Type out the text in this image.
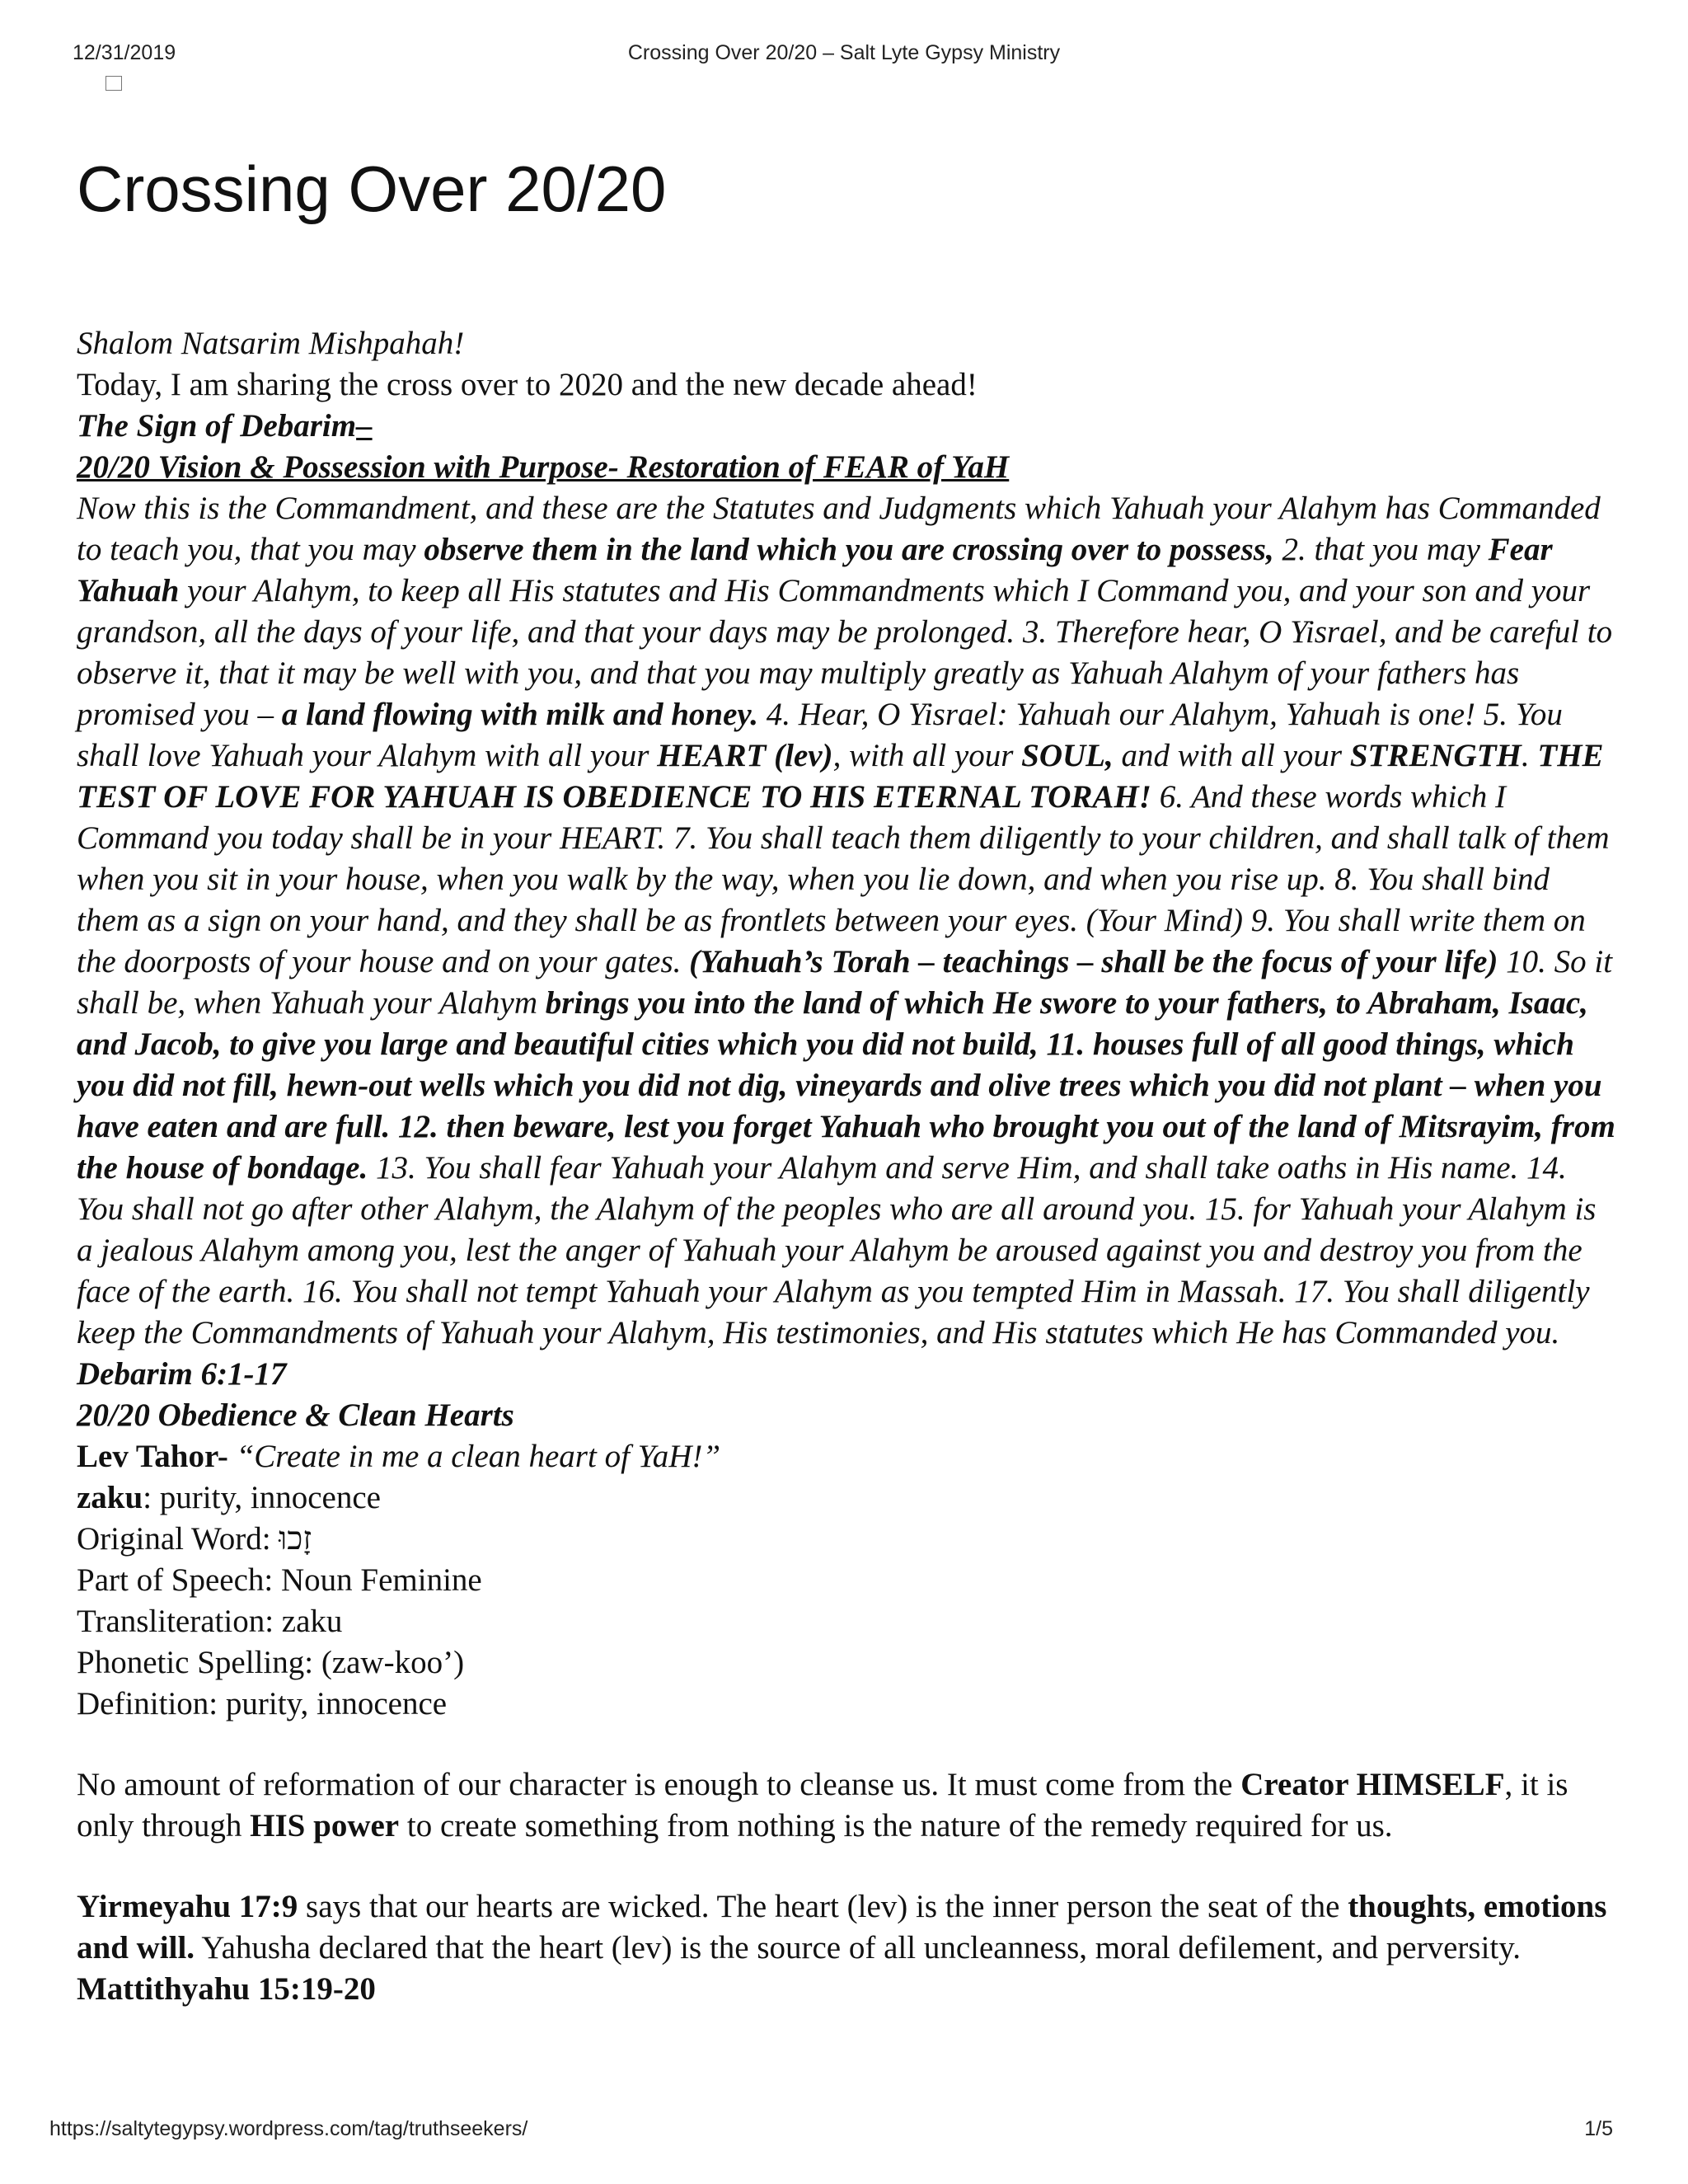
12/31/2019	Crossing Over 20/20 – Salt Lyte Gypsy Ministry
Crossing Over 20/20

Shalom Natsarim Mishpahah!

Today, I am sharing the cross over to 2020 and the new decade ahead!

The Sign of Debarim–

20/20 Vision & Possession with Purpose- Restoration of FEAR of YaH

Now this is the Commandment, and these are the Statutes and Judgments which Yahuah your Alahym has Commanded to teach you, that you may observe them in the land which you are crossing over to possess, 2. that you may Fear Yahuah your Alahym, to keep all His statutes and His Commandments which I Command you, and your son and your grandson, all the days of your life, and that your days may be prolonged. 3. Therefore hear, O Yisrael, and be careful to observe it, that it may be well with you, and that you may multiply greatly as Yahuah Alahym of your fathers has promised you – a land flowing with milk and honey. 4. Hear, O Yisrael: Yahuah our Alahym, Yahuah is one! 5. You shall love Yahuah your Alahym with all your HEART (lev), with all your SOUL, and with all your STRENGTH. THE TEST OF LOVE FOR YAHUAH IS OBEDIENCE TO HIS ETERNAL TORAH! 6. And these words which I Command you today shall be in your HEART. 7. You shall teach them diligently to your children, and shall talk of them when you sit in your house, when you walk by the way, when you lie down, and when you rise up. 8. You shall bind them as a sign on your hand, and they shall be as frontlets between your eyes. (Your Mind) 9. You shall write them on the doorposts of your house and on your gates. (Yahuah’s Torah – teachings – shall be the focus of your life) 10. So it shall be, when Yahuah your Alahym brings you into the land of which He swore to your fathers, to Abraham, Isaac, and Jacob, to give you large and beautiful cities which you did not build, 11. houses full of all good things, which you did not fill, hewn-out wells which you did not dig, vineyards and olive trees which you did not plant – when you have eaten and are full. 12. then beware, lest you forget Yahuah who brought you out of the land of Mitsrayim, from the house of bondage. 13. You shall fear Yahuah your Alahym and serve Him, and shall take oaths in His name. 14. You shall not go after other Alahym, the Alahym of the peoples who are all around you. 15. for Yahuah your Alahym is a jealous Alahym among you, lest the anger of Yahuah your Alahym be aroused against you and destroy you from the face of the earth. 16. You shall not tempt Yahuah your Alahym as you tempted Him in Massah. 17. You shall diligently keep the Commandments of Yahuah your Alahym, His testimonies, and His statutes which He has Commanded you. Debarim 6:1-17

20/20 Obedience & Clean Hearts

Lev Tahor- “Create in me a clean heart of YaH!”

zaku: purity, innocence

Original Word: זָכוּ

Part of Speech: Noun Feminine

Transliteration: zaku

Phonetic Spelling: (zaw-koo’)

Definition: purity, innocence

No amount of reformation of our character is enough to cleanse us. It must come from the Creator HIMSELF, it is only through HIS power to create something from nothing is the nature of the remedy required for us.

Yirmeyahu 17:9 says that our hearts are wicked. The heart (lev) is the inner person the seat of the thoughts, emotions and will. Yahusha declared that the heart (lev) is the source of all uncleanness, moral defilement, and perversity. Mattithyahu 15:19-20

https://saltytegypsy.wordpress.com/tag/truthseekers/	1/5
